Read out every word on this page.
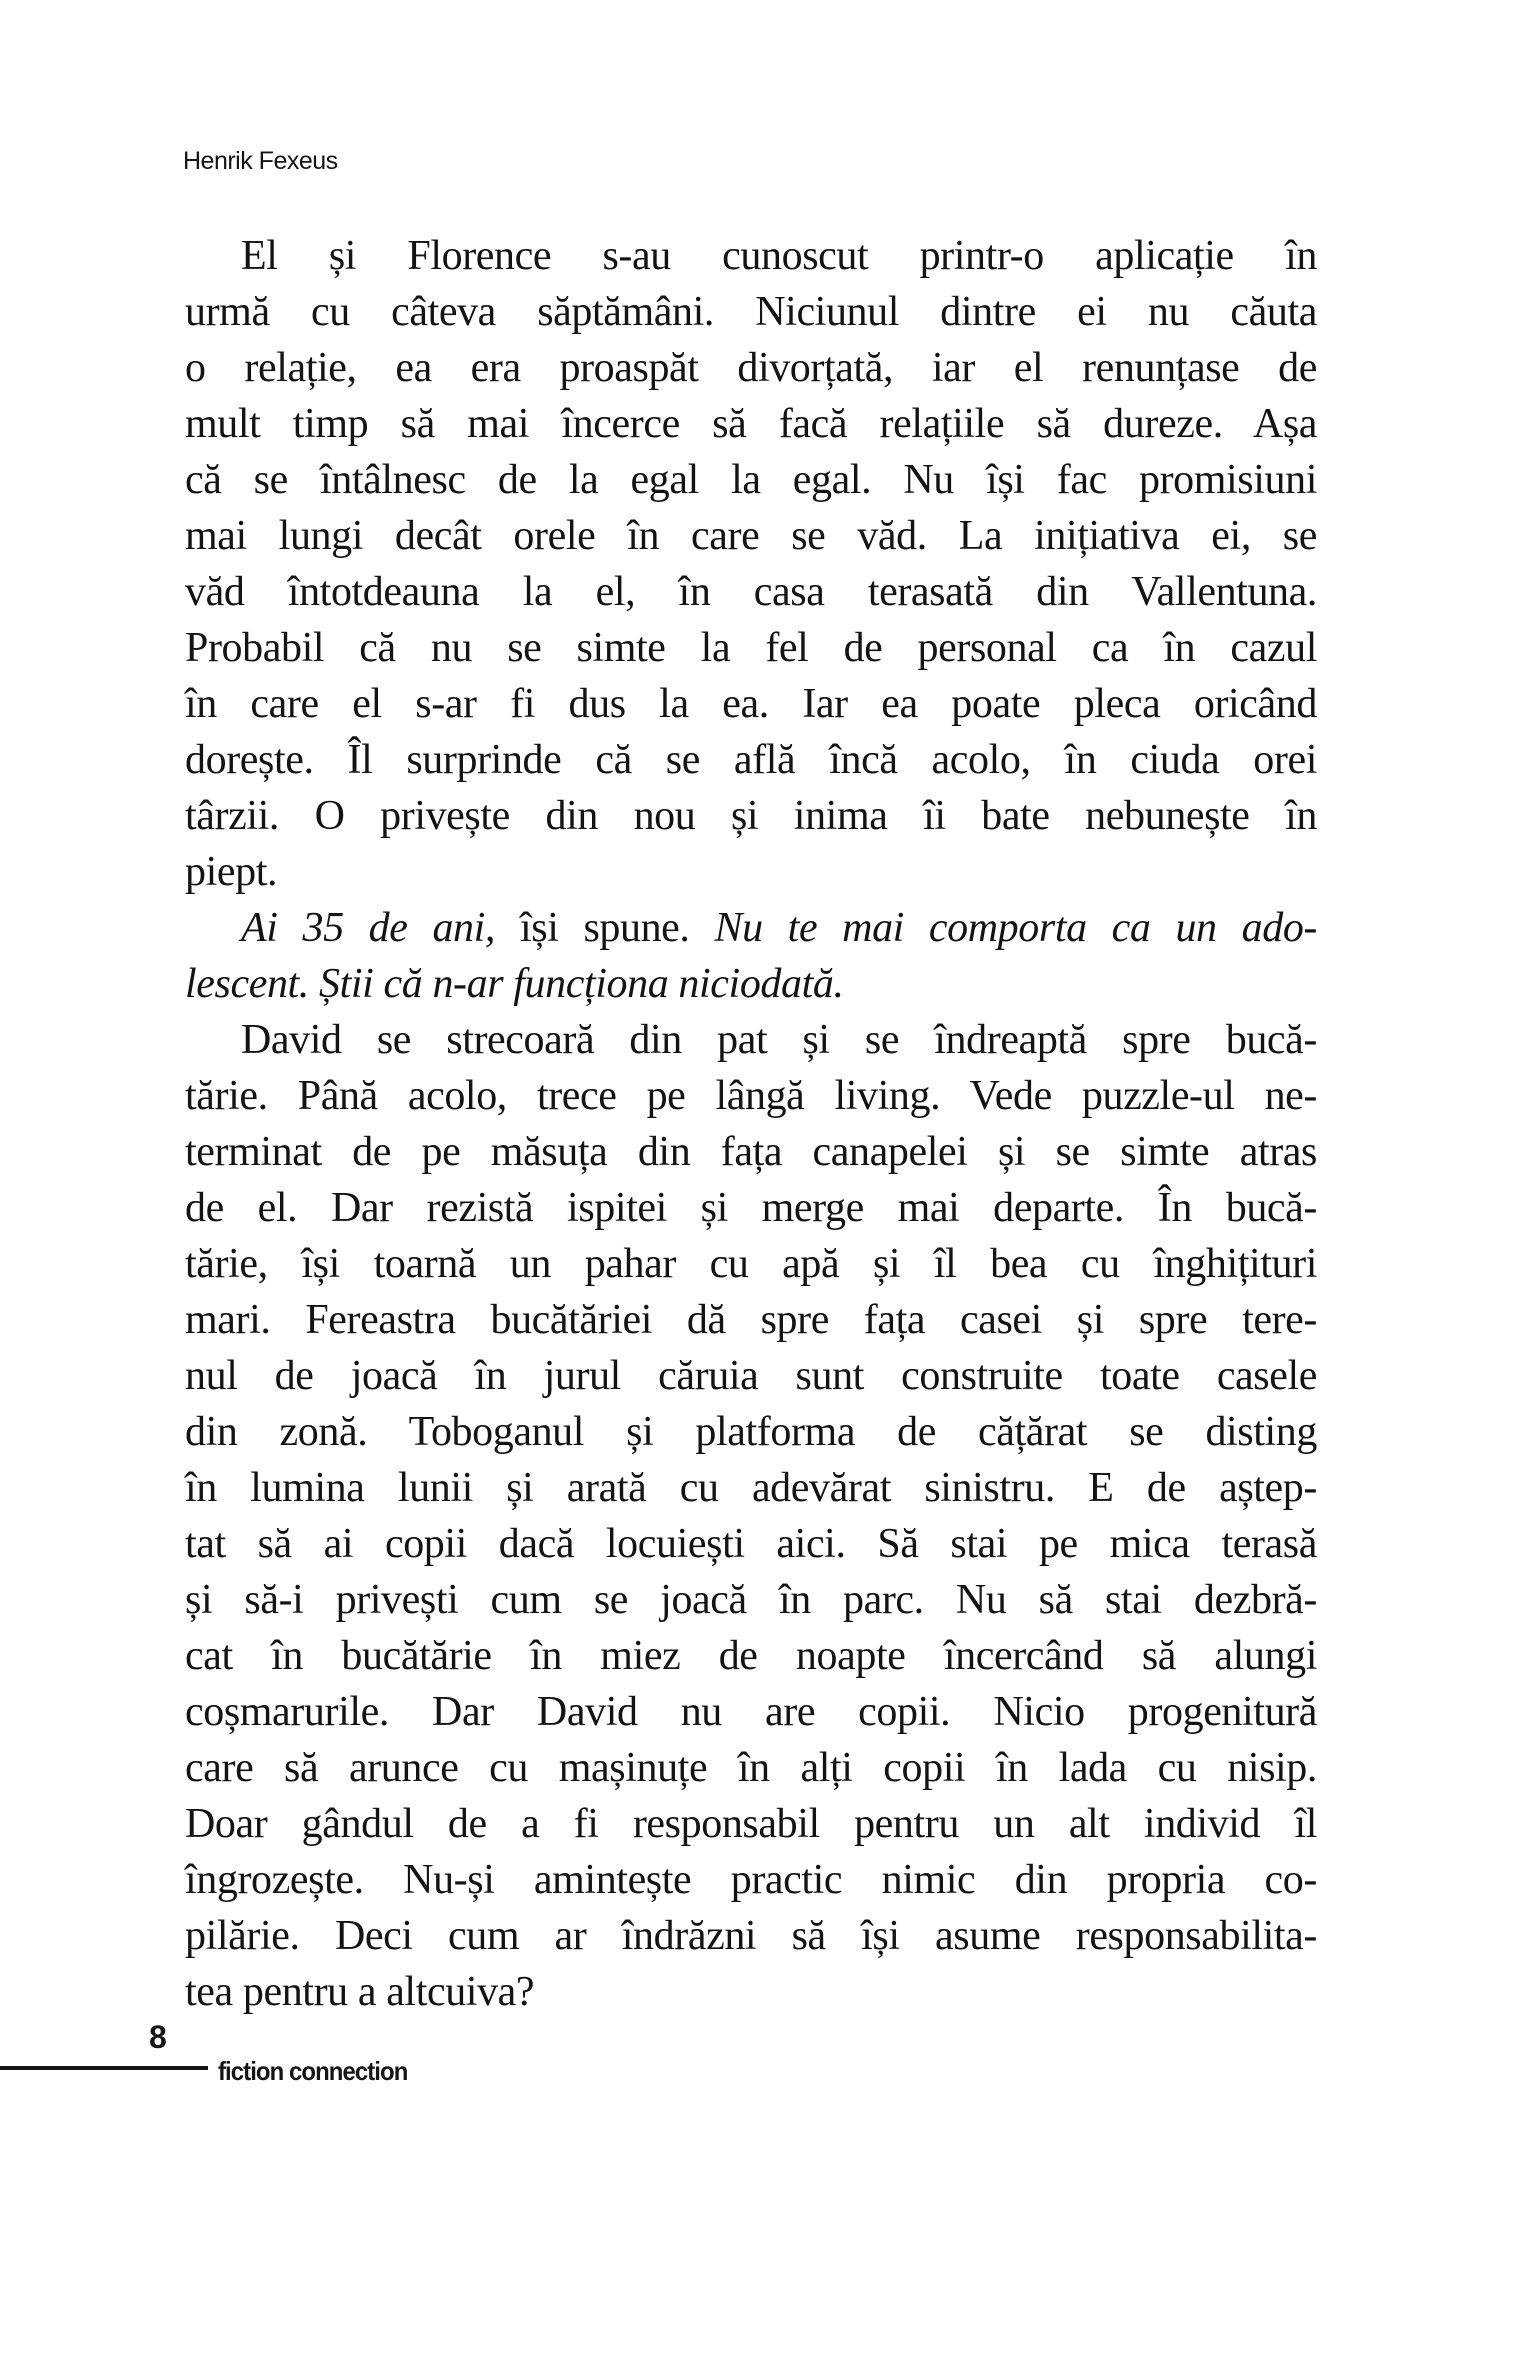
Henrik Fexeus
El și Florence s-au cunoscut printr-o aplicație în
urmă cu câteva săptămâni. Niciunul dintre ei nu căuta
o relație, ea era proaspăt divorțată, iar el renunțase de
mult timp să mai încerce să facă relațiile să dureze. Așa
că se întâlnesc de la egal la egal. Nu își fac promisiuni
mai lungi decât orele în care se văd. La inițiativa ei, se
văd întotdeauna la el, în casa terasată din Vallentuna.
Probabil că nu se simte la fel de personal ca în cazul
în care el s-ar fi dus la ea. Iar ea poate pleca oricând
dorește. Îl surprinde că se află încă acolo, în ciuda orei
târzii. O privește din nou și inima îi bate nebunește în
piept.
Ai 35 de ani, își spune. Nu te mai comporta ca un ado-
lescent. Știi că n-ar funcționa niciodată.
David se strecoară din pat și se îndreaptă spre bucă-
tărie. Până acolo, trece pe lângă living. Vede puzzle-ul ne-
terminat de pe măsuța din fața canapelei și se simte atras
de el. Dar rezistă ispitei și merge mai departe. În bucă-
tărie, își toarnă un pahar cu apă și îl bea cu înghițituri
mari. Fereastra bucătăriei dă spre fața casei și spre tere-
nul de joacă în jurul căruia sunt construite toate casele
din zonă. Toboganul și platforma de cățărat se disting
în lumina lunii și arată cu adevărat sinistru. E de aștep-
tat să ai copii dacă locuiești aici. Să stai pe mica terasă
și să-i privești cum se joacă în parc. Nu să stai dezbră-
cat în bucătărie în miez de noapte încercând să alungi
coșmarurile. Dar David nu are copii. Nicio progenitură
care să arunce cu mașinuțe în alți copii în lada cu nisip.
Doar gândul de a fi responsabil pentru un alt individ îl
îngrozește. Nu-și amintește practic nimic din propria co-
pilărie. Deci cum ar îndrăzni să își asume responsabilita-
tea pentru a altcuiva?
8
fiction connection
